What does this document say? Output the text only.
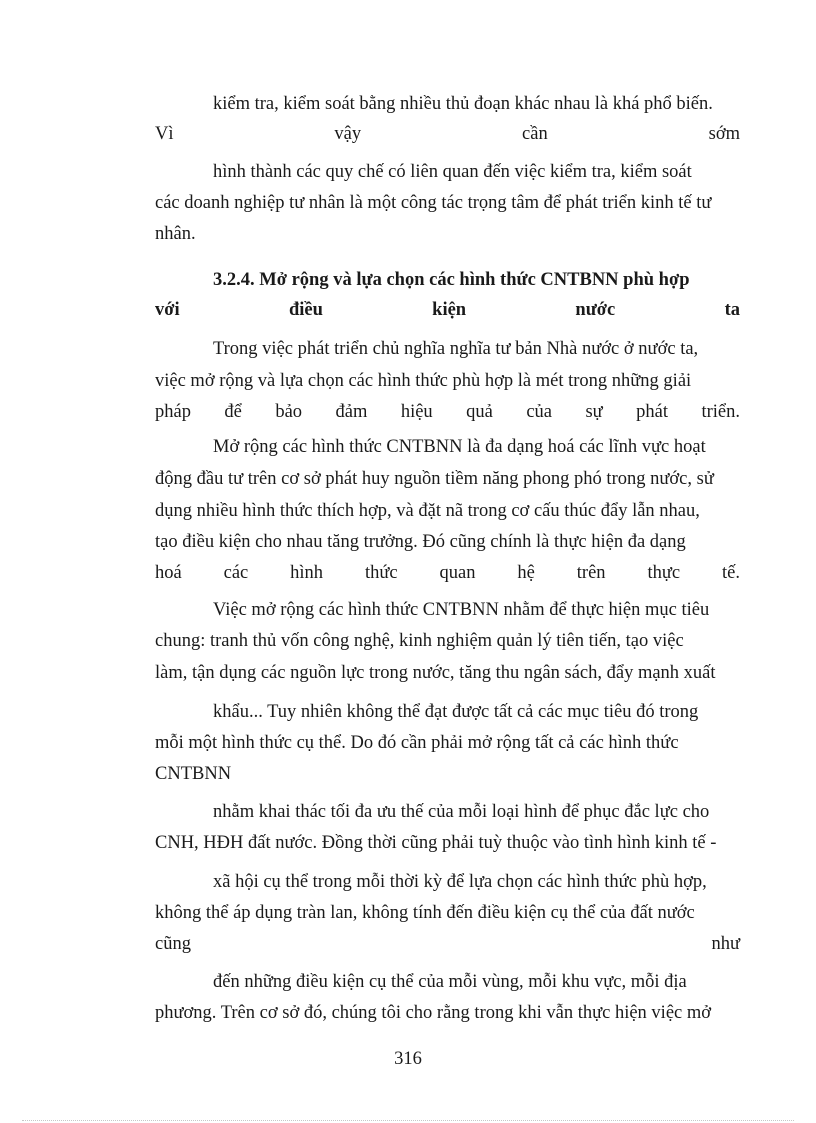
kiểm tra, kiểm soát bằng nhiều thủ đoạn khác nhau là khá phổ biến.
Vì	vậy	cần	sớm
hình thành các quy chế có liên quan đến việc kiểm tra, kiểm soát
các doanh nghiệp tư nhân là một công tác trọng tâm để phát triển kinh tế tư
nhân.
3.2.4. Mở rộng và lựa chọn các hình thức CNTBNN phù hợp
với	điều	kiện	nước	ta
Trong việc phát triển chủ nghĩa nghĩa tư bản Nhà nước ở nước ta,
việc mở rộng và lựa chọn các hình thức phù hợp là mét trong những giải
pháp để bảo đảm hiệu quả của sự phát triển.
Mở rộng các hình thức CNTBNN là đa dạng hoá các lĩnh vực hoạt
động đầu tư trên cơ sở phát huy nguồn tiềm năng phong phó trong nước, sử
dụng nhiều hình thức thích hợp, và đặt nã trong cơ cấu thúc đẩy lẫn nhau,
tạo điều kiện cho nhau tăng trưởng. Đó cũng chính là thực hiện đa dạng
hoá các hình thức quan hệ trên thực tế.
Việc mở rộng các hình thức CNTBNN nhằm để thực hiện mục tiêu
chung: tranh thủ vốn công nghệ, kinh nghiệm quản lý tiên tiến, tạo việc
làm, tận dụng các nguồn lực trong nước, tăng thu ngân sách, đẩy mạnh xuất
khẩu... Tuy nhiên không thể đạt được tất cả các mục tiêu đó trong
mỗi một hình thức cụ thể. Do đó cần phải mở rộng tất cả các hình thức
CNTBNN
nhằm khai thác tối đa ưu thế của mỗi loại hình để phục đắc lực cho
CNH, HĐH đất nước. Đồng thời cũng phải tuỳ thuộc vào tình hình kinh tế -
xã hội cụ thể trong mỗi thời kỳ để lựa chọn các hình thức phù hợp,
không thể áp dụng tràn lan, không tính đến điều kiện cụ thể của đất nước
cũng	như
đến những điều kiện cụ thể của mỗi vùng, mỗi khu vực, mỗi địa
phương. Trên cơ sở đó, chúng tôi cho rằng trong khi vẫn thực hiện việc mở
316
